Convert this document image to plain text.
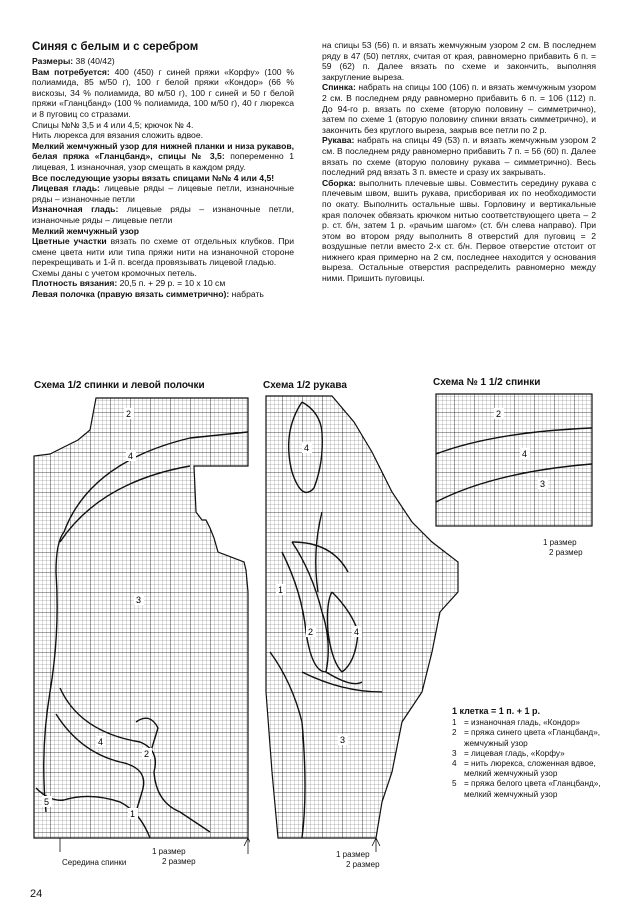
Синяя с белым и с серебром

Размеры: 38 (40/42)

Вам потребуется: 400 (450) г синей пряжи «Корфу» (100 % полиамида, 85 м/50 г), 100 г белой пряжи «Кондор» (66 % вискозы, 34 % полиамида, 80 м/50 г), 100 г синей и 50 г белой пряжи «Гланцбанд» (100 % полиамида, 100 м/50 г), 40 г люрекса и 8 пуговиц со стразами.

Спицы №№ 3,5 и 4 или 4,5; крючок № 4.

Нить люрекса для вязания сложить вдвое.

Мелкий жемчужный узор для нижней планки и низа рукавов, белая пряжа «Гланцбанд», спицы № 3,5: попеременно 1 лицевая, 1 изнаночная, узор смещать в каждом ряду.

Все последующие узоры вязать спицами №№ 4 или 4,5!

Лицевая гладь: лицевые ряды – лицевые петли, изнаночные ряды – изнаночные петли

Изнаночная гладь: лицевые ряды – изнаночные петли, изнаночные ряды – лицевые петли

Мелкий жемчужный узор

Цветные участки вязать по схеме от отдельных клубков. При смене цвета нити или типа пряжи нити на изнаночной стороне перекрещивать и 1-й п. всегда провязывать лицевой гладью.

Схемы даны с учетом кромочных петель.

Плотность вязания: 20,5 п. + 29 р. = 10 х 10 см

Левая полочка (правую вязать симметрично): набрать

на спицы 53 (56) п. и вязать жемчужным узором 2 см. В последнем ряду в 47 (50) петлях, считая от края, равномерно прибавить 6 п. = 59 (62) п. Далее вязать по схеме и закончить, выполняя закругление выреза.

Спинка: набрать на спицы 100 (106) п. и вязать жемчужным узором 2 см. В последнем ряду равномерно прибавить 6 п. = 106 (112) п. До 94-го р. вязать по схеме (вторую половину – симметрично), затем по схеме 1 (вторую половину спинки вязать симметрично), и закончить без круглого выреза, закрыв все петли по 2 р.

Рукава: набрать на спицы 49 (53) п. и вязать жемчужным узором 2 см. В последнем ряду равномерно прибавить 7 п. = 56 (60) п. Далее вязать по схеме (вторую половину рукава – симметрично). Весь последний ряд вязать 3 п. вместе и сразу их закрывать.

Сборка: выполнить плечевые швы. Совместить середину рукава с плечевым швом, вшить рукава, присборивая их по необходимости по окату. Выполнить остальные швы. Горловину и вертикальные края полочек обвязать крючком нитью соответствующего цвета – 2 р. ст. б/н, затем 1 р. «рачьим шагом» (ст. б/н слева направо). При этом во втором ряду выполнить 8 отверстий для пуговиц = 2 воздушные петли вместо 2-х ст. б/н. Первое отверстие отстоит от нижнего края примерно на 2 см, последнее находится у основания выреза. Остальные отверстия распределить равномерно между ними. Пришить пуговицы.

Схема 1/2 спинки и левой полочки	Схема 1/2 рукава	Схема № 1 1/2 спинки
2
4
3
4
2
5
1
1 размер
2 размер
Середина спинки
4
1
2	4
3
1 размер
2 размер
2
4
3
1 размер
2 размер
1 клетка = 1 п. + 1 р.
1 = изнаночная гладь, «Кондор»
2 = пряжа синего цвета «Гланцбанд», жемчужный узор
3 = лицевая гладь, «Корфу»
4 = нить люрекса, сложенная вдвое, мелкий жемчужный узор
5 = пряжа белого цвета «Гланцбанд», мелкий жемчужный узор
24
